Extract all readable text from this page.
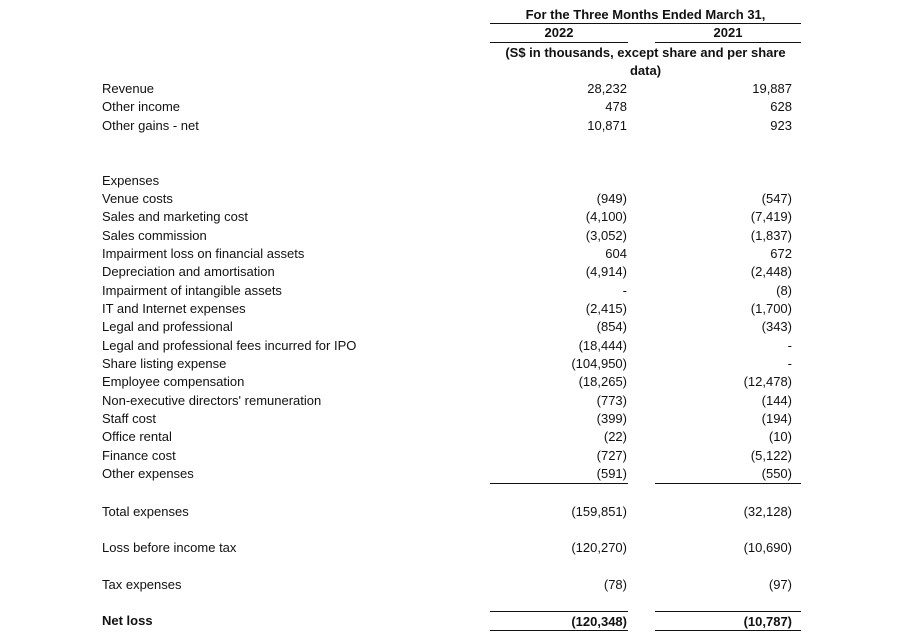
For the Three Months Ended March 31,
2022	2021
(S$ in thousands, except share and per share
data)
Revenue	28,232	19,887
Other income	478	628
Other gains - net	10,871	923
Expenses
Venue costs	(949)	(547)
Sales and marketing cost	(4,100)	(7,419)
Sales commission	(3,052)	(1,837)
Impairment loss on financial assets	604	672
Depreciation and amortisation	(4,914)	(2,448)
Impairment of intangible assets	-	(8)
IT and Internet expenses	(2,415)	(1,700)
Legal and professional	(854)	(343)
Legal and professional fees incurred for IPO	(18,444)	-
Share listing expense	(104,950)	-
Employee compensation	(18,265)	(12,478)
Non-executive directors' remuneration	(773)	(144)
Staff cost	(399)	(194)
Office rental	(22)	(10)
Finance cost	(727)	(5,122)
Other expenses	(591)	(550)
Total expenses	(159,851)	(32,128)
Loss before income tax	(120,270)	(10,690)
Tax expenses	(78)	(97)
Net loss	(120,348)	(10,787)
